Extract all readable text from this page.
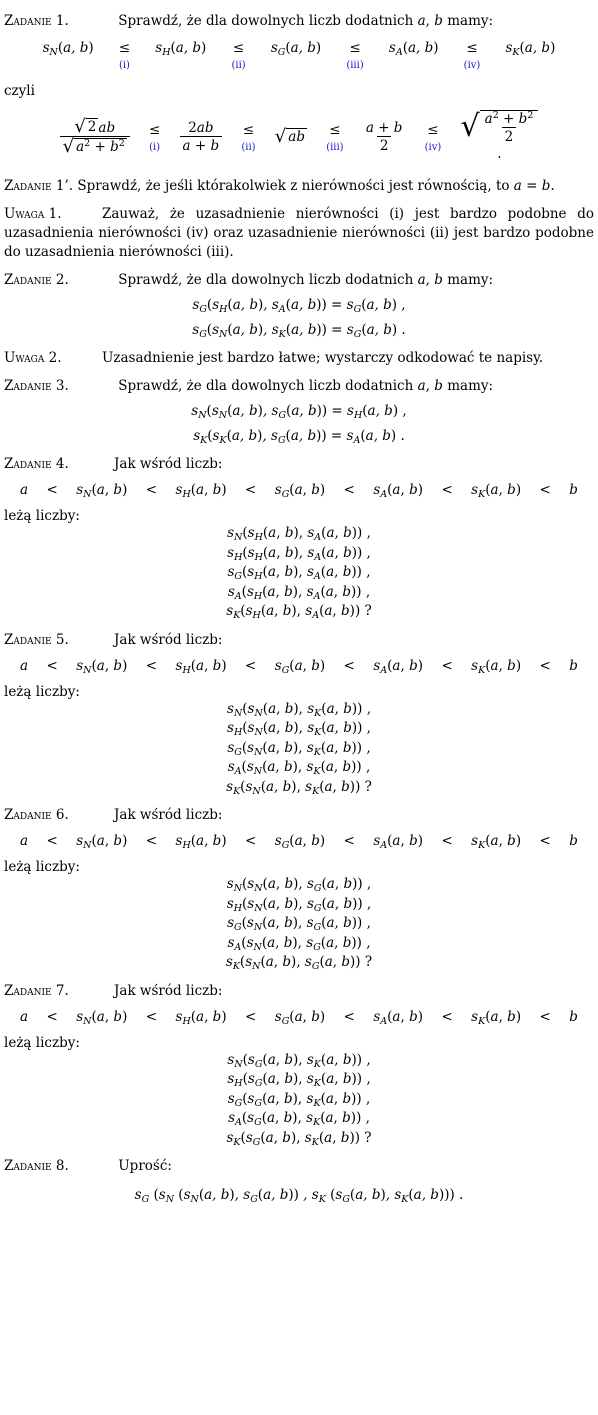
Zadanie 1.	Sprawdź, że dla dowolnych liczb dodatnich a, b mamy:
$s_N(a$, b) ≤
(i)
$s_H(a$, b) ≤
(ii)
$s_G(a$, b) ≤
(iii)
$s_A(a$, b) ≤
(iv)
$s_K(a$, b)

czyli

$\frac{√ 2 ab}{√ a^2 + b^2}$ ≤
$(i) \frac{2ab}{a + b}$ ≤
(ii) √ ab ≤
$(iii) \frac{a + b}{2}$ ≤
(iv)
√ $\frac{a^2 + b^2}{2}$
.
Zadanie 1’. Sprawdź, że jeśli którakolwiek z nierówności jest równością, to a = b.

Uwaga 1.	Zauważ, że uzasadnienie nierówności (i) jest bardzo podobne do uzasadnienia nierówności (iv) oraz uzasadnienie nierówności (ii) jest bardzo podobne do uzasadnienia nierówności (iii).

Zadanie 2.	Sprawdź, że dla dowolnych liczb dodatnich a, b mamy:
$s_G(s_H(a$, b), $s_A(a$, $b)) = s_G(a$, b) ,
$s_G(s_N(a$, b), $s_K(a$, $b)) = s_G(a$, b) .

Uwaga 2.	Uzasadnienie jest bardzo łatwe; wystarczy odkodować te napisy.

Zadanie 3.	Sprawdź, że dla dowolnych liczb dodatnich a, b mamy:
$s_N(s_N(a$, b), $s_G(a$, $b)) = s_H(a$, b) ,
$s_K(s_K(a$, b), $s_G(a$, $b)) = s_A(a$, b) .
Zadanie 4.	Jak wśród liczb:
$a < s_N(a$, $b) < s_H(a$, $b) < s_G(a$, $b) < s_A(a$, $b) < s_K(a$, b) < b

leżą liczby:

$s_N(s_H(a$, b), $s_A(a$, b)) ,
$s_H(s_H(a$, b), $s_A(a$, b)) ,
$s_G(s_H(a$, b), $s_A(a$, b)) ,
$s_A(s_H(a$, b), $s_A(a$, b)) ,
$s_K(s_H(a$, b), $s_A(a$, b)) ?
Zadanie 5.	Jak wśród liczb:
$a < s_N(a$, $b) < s_H(a$, $b) < s_G(a$, $b) < s_A(a$, $b) < s_K(a$, b) < b

leżą liczby:

$s_N(s_N(a$, b), $s_K(a$, b)) ,
$s_H(s_N(a$, b), $s_K(a$, b)) ,
$s_G(s_N(a$, b), $s_K(a$, b)) ,
$s_A(s_N(a$, b), $s_K(a$, b)) ,
$s_K(s_N(a$, b), $s_K(a$, b)) ?
Zadanie 6.	Jak wśród liczb:
$a < s_N(a$, $b) < s_H(a$, $b) < s_G(a$, $b) < s_A(a$, $b) < s_K(a$, b) < b

leżą liczby:

$s_N(s_N(a$, b), $s_G(a$, b)) ,
$s_H(s_N(a$, b), $s_G(a$, b)) ,
$s_G(s_N(a$, b), $s_G(a$, b)) ,
$s_A(s_N(a$, b), $s_G(a$, b)) ,
$s_K(s_N(a$, b), $s_G(a$, b)) ?
Zadanie 7.	Jak wśród liczb:
$a < s_N(a$, $b) < s_H(a$, $b) < s_G(a$, $b) < s_A(a$, $b) < s_K(a$, b) < b

leżą liczby:

$s_N(s_G(a$, b), $s_K(a$, b)) ,
$s_H(s_G(a$, b), $s_K(a$, b)) ,
$s_G(s_G(a$, b), $s_K(a$, b)) ,
$s_A(s_G(a$, b), $s_K(a$, b)) ,
$s_K(s_G(a$, b), $s_K(a$, b)) ?
Zadanie 8.	Uprość:
$s_G$ ($s_N$ ($s_N(a$, b), $s_G(a$, b)) , $s_K$ ($s_G(a$, b), $s_K(a$, b))) .
